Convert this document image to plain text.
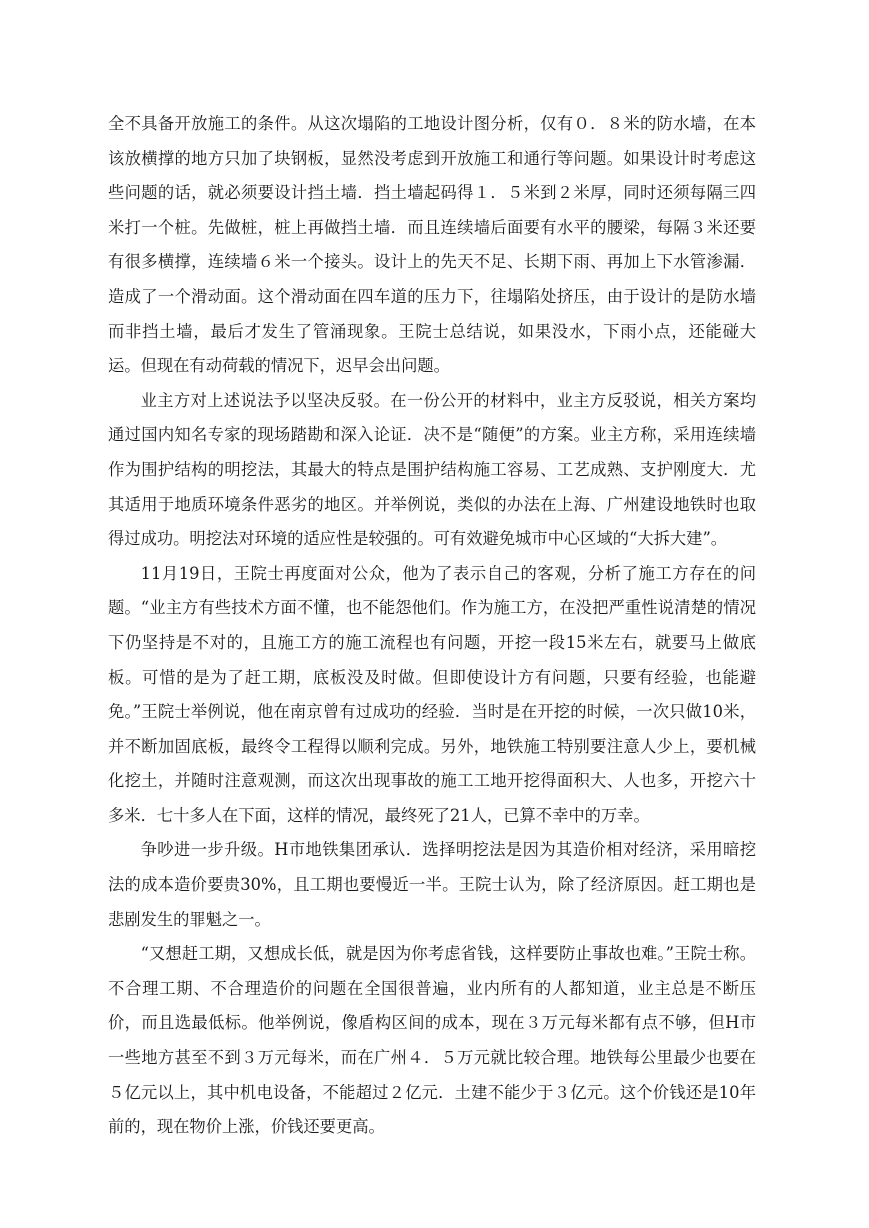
全不具备开放施工的条件。从这次塌陷的工地设计图分析，仅有０．８米的防水墙，在本该放横撑的地方只加了块钢板，显然没考虑到开放施工和通行等问题。如果设计时考虑这些问题的话，就必须要设计挡土墙．挡土墙起码得１．５米到２米厚，同时还须每隔三四米打一个桩。先做桩，桩上再做挡土墙．而且连续墙后面要有水平的腰梁，每隔３米还要有很多横撑，连续墙６米一个接头。设计上的先天不足、长期下雨、再加上下水管渗漏．造成了一个滑动面。这个滑动面在四车道的压力下，往塌陷处挤压，由于设计的是防水墙而非挡土墙，最后才发生了管涌现象。王院士总结说，如果没水，下雨小点，还能碰大运。但现在有动荷载的情况下，迟早会出问题。

业主方对上述说法予以坚决反驳。在一份公开的材料中，业主方反驳说，相关方案均通过国内知名专家的现场踏勘和深入论证．决不是“随便”的方案。业主方称，采用连续墙作为围护结构的明挖法，其最大的特点是围护结构施工容易、工艺成熟、支护刚度大．尤其适用于地质环境条件恶劣的地区。并举例说，类似的办法在上海、广州建设地铁时也取得过成功。明挖法对环境的适应性是较强的。可有效避免城市中心区域的“大拆大建”。

11月19日，王院士再度面对公众，他为了表示自己的客观，分析了施工方存在的问题。“业主方有些技术方面不懂，也不能怨他们。作为施工方，在没把严重性说清楚的情况下仍坚持是不对的，且施工方的施工流程也有问题，开挖一段15米左右，就要马上做底板。可惜的是为了赶工期，底板没及时做。但即使设计方有问题，只要有经验，也能避免。”王院士举例说，他在南京曾有过成功的经验．当时是在开挖的时候，一次只做10米，并不断加固底板，最终令工程得以顺利完成。另外，地铁施工特别要注意人少上，要机械化挖土，并随时注意观测，而这次出现事故的施工工地开挖得面积大、人也多，开挖六十多米．七十多人在下面，这样的情况，最终死了21人，已算不幸中的万幸。

争吵进一步升级。H市地铁集团承认．选择明挖法是因为其造价相对经济，采用暗挖法的成本造价要贵30%，且工期也要慢近一半。王院士认为，除了经济原因。赶工期也是悲剧发生的罪魁之一。

“又想赶工期，又想成长低，就是因为你考虑省钱，这样要防止事故也难。”王院士称。不合理工期、不合理造价的问题在全国很普遍，业内所有的人都知道，业主总是不断压价，而且选最低标。他举例说，像盾构区间的成本，现在３万元每米都有点不够，但H市一些地方甚至不到３万元每米，而在广州４．５万元就比较合理。地铁每公里最少也要在５亿元以上，其中机电设备，不能超过２亿元．土建不能少于３亿元。这个价钱还是10年前的，现在物价上涨，价钱还要更高。
